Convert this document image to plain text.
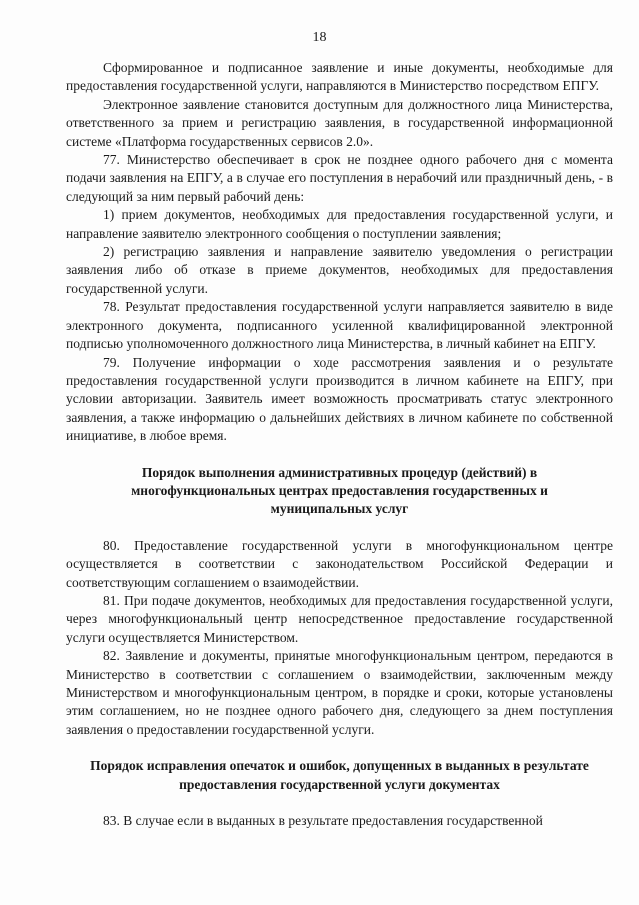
18

Сформированное и подписанное заявление и иные документы, необходимые для предоставления государственной услуги, направляются в Министерство посредством ЕПГУ.

Электронное заявление становится доступным для должностного лица Министерства, ответственного за прием и регистрацию заявления, в государственной информационной системе «Платформа государственных сервисов 2.0».

77. Министерство обеспечивает в срок не позднее одного рабочего дня с момента подачи заявления на ЕПГУ, а в случае его поступления в нерабочий или праздничный день, - в следующий за ним первый рабочий день:

1) прием документов, необходимых для предоставления государственной услуги, и направление заявителю электронного сообщения о поступлении заявления;

2) регистрацию заявления и направление заявителю уведомления о регистрации заявления либо об отказе в приеме документов, необходимых для предоставления государственной услуги.

78. Результат предоставления государственной услуги направляется заявителю в виде электронного документа, подписанного усиленной квалифицированной электронной подписью уполномоченного должностного лица Министерства, в личный кабинет на ЕПГУ.

79. Получение информации о ходе рассмотрения заявления и о результате предоставления государственной услуги производится в личном кабинете на ЕПГУ, при условии авторизации. Заявитель имеет возможность просматривать статус электронного заявления, а также информацию о дальнейших действиях в личном кабинете по собственной инициативе, в любое время.

Порядок выполнения административных процедур (действий) в многофункциональных центрах предоставления государственных и муниципальных услуг

80. Предоставление государственной услуги в многофункциональном центре осуществляется в соответствии с законодательством Российской Федерации и соответствующим соглашением о взаимодействии.

81. При подаче документов, необходимых для предоставления государственной услуги, через многофункциональный центр непосредственное предоставление государственной услуги осуществляется Министерством.

82. Заявление и документы, принятые многофункциональным центром, передаются в Министерство в соответствии с соглашением о взаимодействии, заключенным между Министерством и многофункциональным центром, в порядке и сроки, которые установлены этим соглашением, но не позднее одного рабочего дня, следующего за днем поступления заявления о предоставлении государственной услуги.

Порядок исправления опечаток и ошибок, допущенных в выданных в результате предоставления государственной услуги документах

83. В случае если в выданных в результате предоставления государственной
